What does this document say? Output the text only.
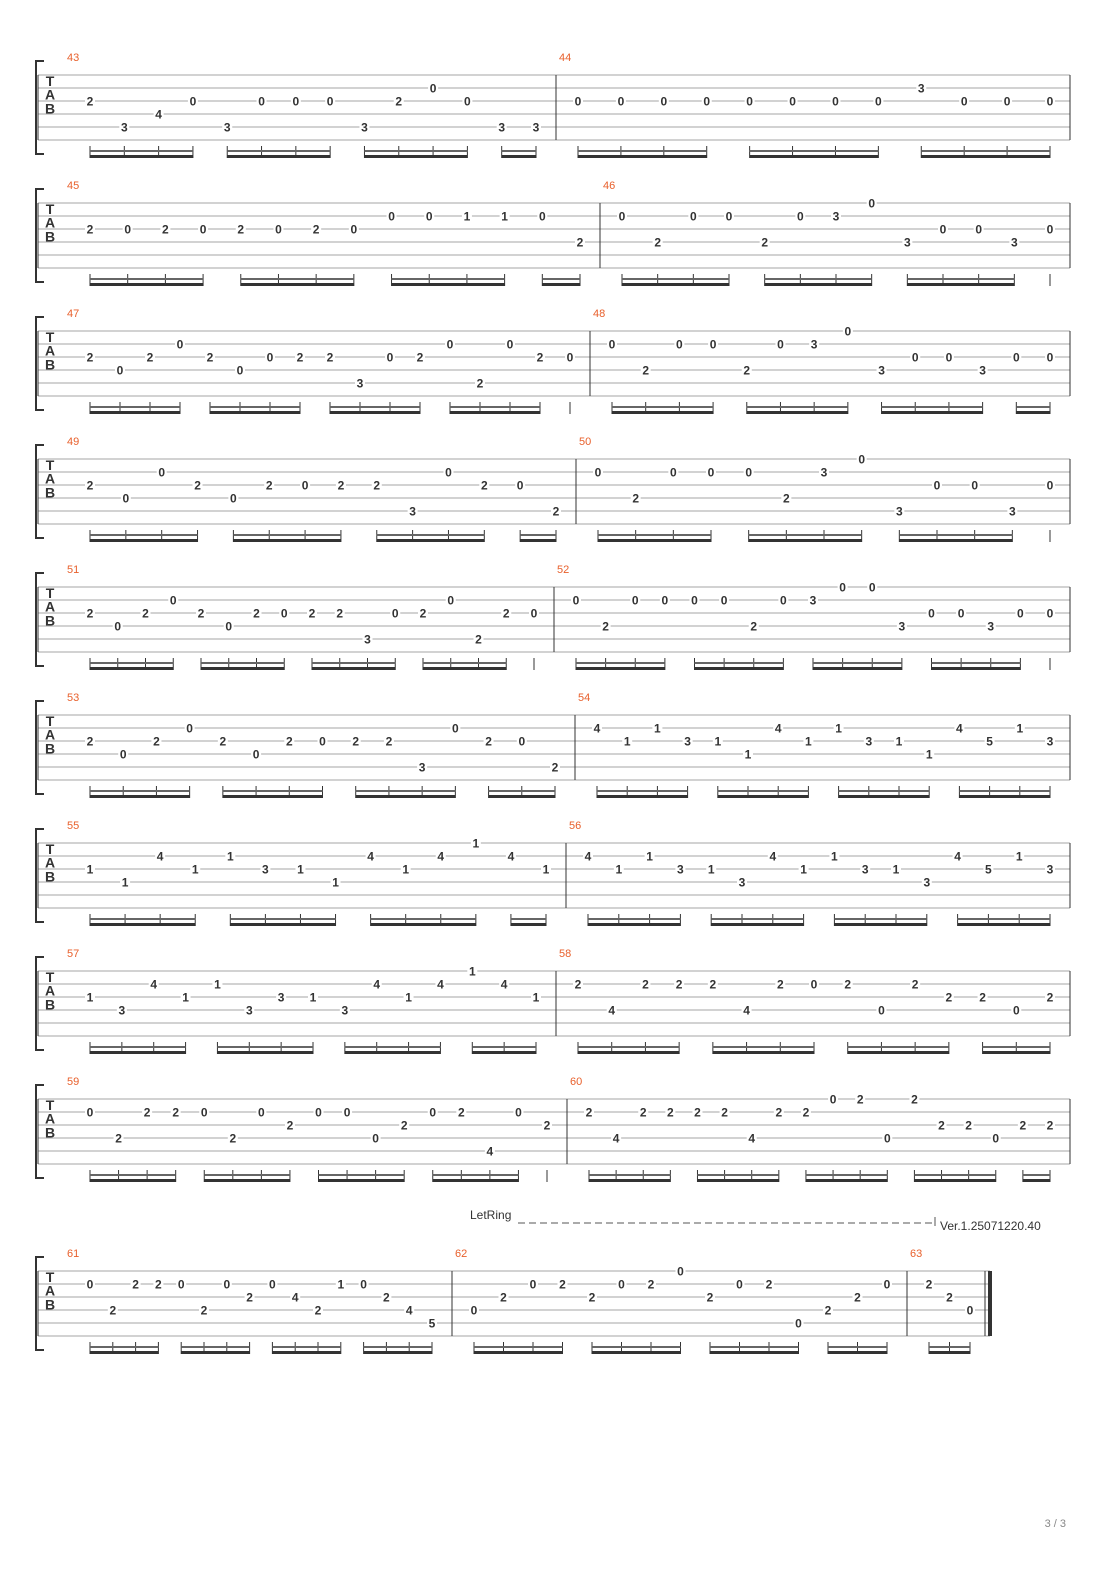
T
A
B
43
2
3
4
0
3
0 0 0
3
2
0
0
3 3
44
0	0	0	0	0	0	0	0
3
0	0	0
T
A
B
45
2	0	2	0	2	0	2	0
0	0	1	1	0
2
46
0
2
0 0
2
0 3
0
3
0 0
3
0
T
A
B
47
2
0
2
0
2
0
0 2 2
3
0 2
0
2
0
2 0
48
0
2
0 0
2
0 3
0
3
0 0
3
0 0
T
A
B
49
2
0
0
2
0
2 0 2 2
3
0
2 0
2
50
0
2
0	0	0
2
3
0
3
0	0
3
0
T
A
B
51
2
0
2
0
2
0
2 0 2 2
3
0 2
0
2
2 0
52
0
2
0 0 0 0
2
0 3
0 0
3
0 0
3
0 0
T
A
B
53
2
0
2
0
2
0
2 0 2 2
3
0
2 0
2
54
4
1
1
3 1
1
4
1
1
3 1
1
4
5
1
3
T
A
B
55
1
1
4
1
1
3 1
1
4
1
4
1
4
1
56
4
1
1
3 1
3
4
1
1
3 1
3
4
5
1
3
T
A
B
57
1
3
4
1
1
3
3 1
3
4
1
4
1
4
1
58
2
4
2 2 2
4
2 0 2
0
2
2 2
0
2
T
A
B
59
0
2
2 2 0
2
0
2
0 0
0
2
0 2
4
0
2
60
2
4
2 2 2 2
4
2 2
0 2
0
2
2 2
0
2 2
T
A
B
LetRing
61
0
2
2 2 0
2
0
2
0
4
2
1 0
2
4
5
62
0
2
0 2
2
0 2
0
2
0 2
0
2
2
0
63
2
2
0
Ver.1.25071220.40
3 / 3
